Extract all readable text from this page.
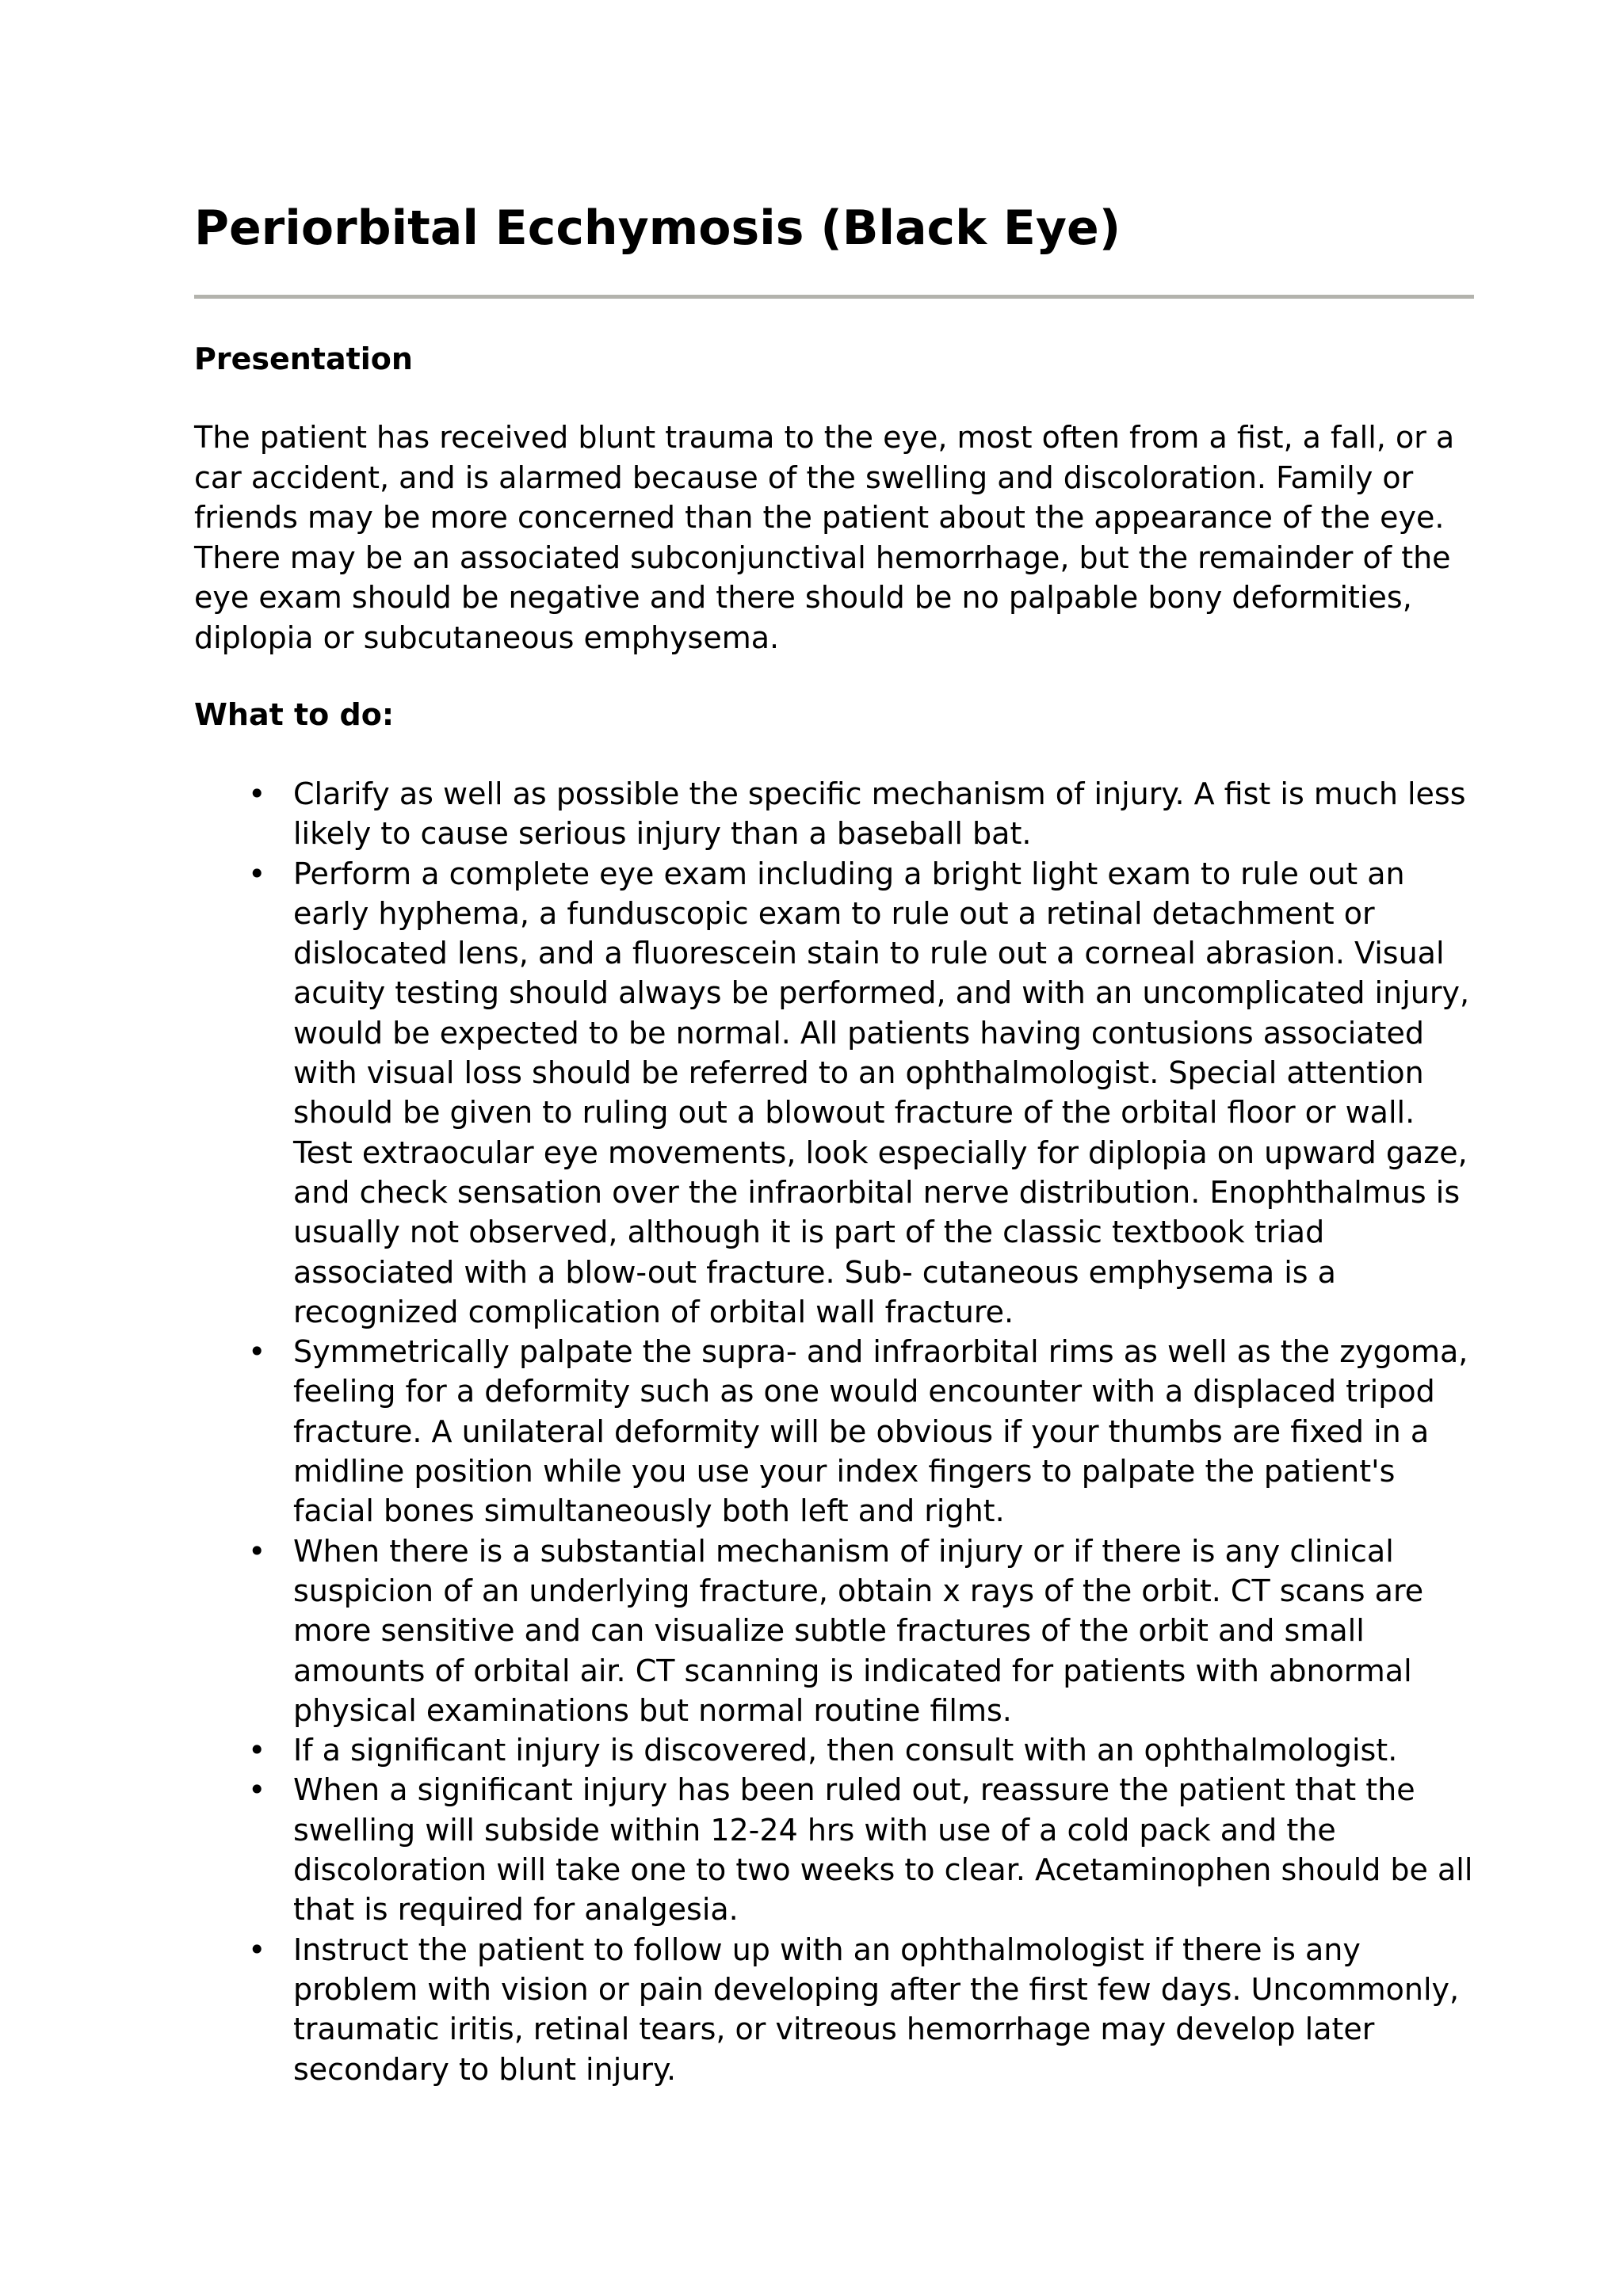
Periorbital Ecchymosis (Black Eye)
Presentation

The patient has received blunt trauma to the eye, most often from a fist, a fall, or a car accident, and is alarmed because of the swelling and discoloration. Family or friends may be more concerned than the patient about the appearance of the eye. There may be an associated subconjunctival hemorrhage, but the remainder of the eye exam should be negative and there should be no palpable bony deformities, diplopia or subcutaneous emphysema.

What to do:
• Clarify as well as possible the specific mechanism of injury. A fist is much less likely to cause serious injury than a baseball bat.
• Perform a complete eye exam including a bright light exam to rule out an early hyphema, a funduscopic exam to rule out a retinal detachment or dislocated lens, and a fluorescein stain to rule out a corneal abrasion. Visual acuity testing should always be performed, and with an uncomplicated injury, would be expected to be normal. All patients having contusions associated with visual loss should be referred to an ophthalmologist. Special attention should be given to ruling out a blowout fracture of the orbital floor or wall. Test extraocular eye movements, look especially for diplopia on upward gaze, and check sensation over the infraorbital nerve distribution. Enophthalmus is usually not observed, although it is part of the classic textbook triad associated with a blow-out fracture. Sub- cutaneous emphysema is a recognized complication of orbital wall fracture.
• Symmetrically palpate the supra- and infraorbital rims as well as the zygoma, feeling for a deformity such as one would encounter with a displaced tripod fracture. A unilateral deformity will be obvious if your thumbs are fixed in a midline position while you use your index fingers to palpate the patient's facial bones simultaneously both left and right.
• When there is a substantial mechanism of injury or if there is any clinical suspicion of an underlying fracture, obtain x rays of the orbit. CT scans are more sensitive and can visualize subtle fractures of the orbit and small amounts of orbital air. CT scanning is indicated for patients with abnormal physical examinations but normal routine films.
• If a significant injury is discovered, then consult with an ophthalmologist.
• When a significant injury has been ruled out, reassure the patient that the swelling will subside within 12-24 hrs with use of a cold pack and the discoloration will take one to two weeks to clear. Acetaminophen should be all that is required for analgesia.
• Instruct the patient to follow up with an ophthalmologist if there is any problem with vision or pain developing after the first few days. Uncommonly, traumatic iritis, retinal tears, or vitreous hemorrhage may develop later secondary to blunt injury.
